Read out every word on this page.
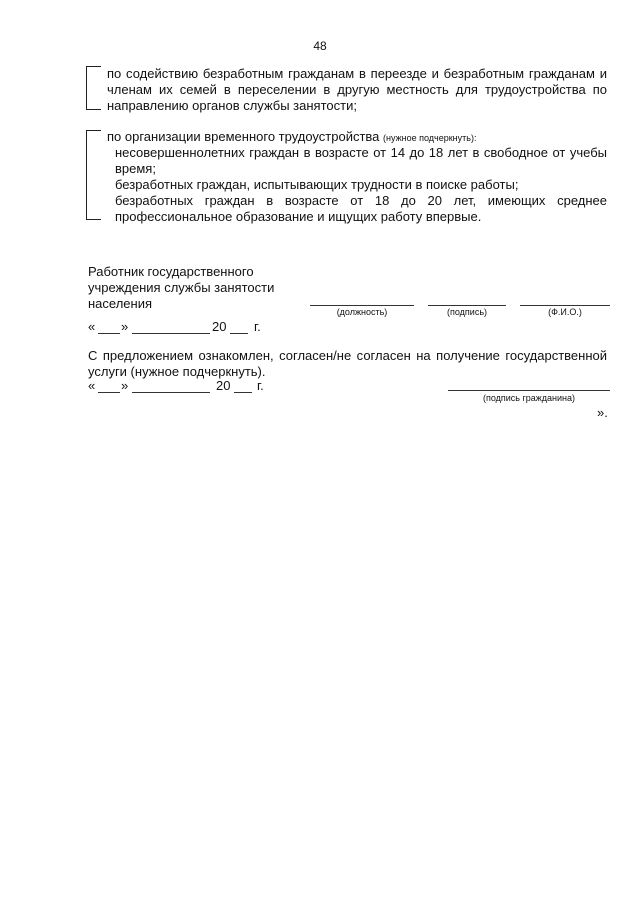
48
по содействию безработным гражданам в переезде и безработным гражданам и
членам их семей в переселении в другую местность для трудоустройства по
направлению органов службы занятости;
по организации временного трудоустройства (нужное подчеркнуть):
несовершеннолетних граждан в возрасте от 14 до 18 лет в свободное от учебы
время;
безработных граждан, испытывающих трудности в поиске работы;
безработных граждан в возрасте от 18 до 20 лет, имеющих среднее
профессиональное образование и ищущих работу впервые.
Работник государственного
учреждения службы занятости
населения
(должность)	(подпись)	(Ф.И.О.)
« »	20 г.
С предложением ознакомлен, согласен/не согласен на получение государственной
услуги (нужное подчеркнуть).
« »	20 г.
(подпись гражданина)
».
